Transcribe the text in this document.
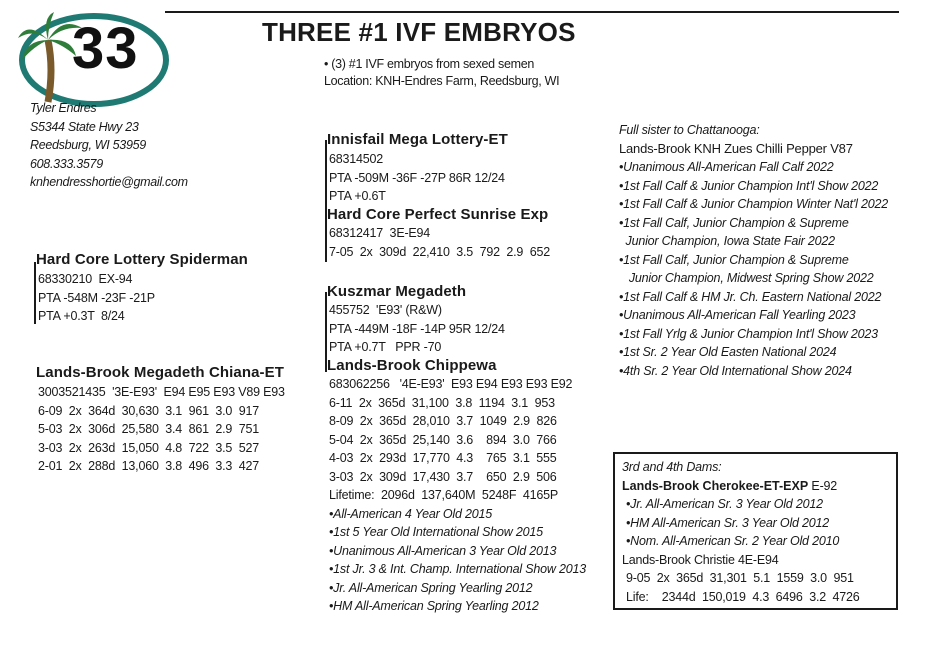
33	THREE #1 IVF EMBRYOS
• (3) #1 IVF embryos from sexed semen
Location: KNH-Endres Farm, Reedsburg, WI
Tyler Endres
S5344 State Hwy 23
Reedsburg, WI 53959
608.333.3579
knhendresshortie@gmail.com
Hard Core Lottery Spiderman
68330210  EX-94
PTA -548M -23F -21P
PTA +0.3T  8/24
Lands-Brook Megadeth Chiana-ET
3003521435  '3E-E93'  E94 E95 E93 V89 E93
6-09  2x  364d  30,630  3.1  961  3.0  917
5-03  2x  306d  25,580  3.4  861  2.9  751
3-03  2x  263d  15,050  4.8  722  3.5  527
2-01  2x  288d  13,060  3.8  496  3.3  427
Innisfail Mega Lottery-ET
68314502
PTA -509M -36F -27P 86R 12/24
PTA +0.6T
Hard Core Perfect Sunrise Exp
68312417  3E-E94
7-05  2x  309d  22,410  3.5  792  2.9  652
Kuszmar Megadeth
455752  'E93' (R&W)
PTA -449M -18F -14P 95R 12/24
PTA +0.7T   PPR -70
Lands-Brook Chippewa
683062256   '4E-E93'  E93 E94 E93 E93 E92
6-11  2x  365d  31,100  3.8  1194  3.1  953
8-09  2x  365d  28,010  3.7  1049  2.9  826
5-04  2x  365d  25,140  3.6    894  3.0  766
4-03  2x  293d  17,770  4.3    765  3.1  555
3-03  2x  309d  17,430  3.7    650  2.9  506
Lifetime:  2096d  137,640M  5248F  4165P
•All-American 4 Year Old 2015
•1st 5 Year Old International Show 2015
•Unanimous All-American 3 Year Old 2013
•1st Jr. 3 & Int. Champ. International Show 2013
•Jr. All-American Spring Yearling 2012
•HM All-American Spring Yearling 2012
Full sister to Chattanooga:
Lands-Brook KNH Zues Chilli Pepper V87
•Unanimous All-American Fall Calf 2022
•1st Fall Calf & Junior Champion Int'l Show 2022
•1st Fall Calf & Junior Champion Winter Nat'l 2022
•1st Fall Calf, Junior Champion & Supreme
Junior Champion, Iowa State Fair 2022
•1st Fall Calf, Junior Champion & Supreme
Junior Champion, Midwest Spring Show 2022
•1st Fall Calf & HM Jr. Ch. Eastern National 2022
•Unanimous All-American Fall Yearling 2023
•1st Fall Yrlg & Junior Champion Int'l Show 2023
•1st Sr. 2 Year Old Easten National 2024
•4th Sr. 2 Year Old International Show 2024
3rd and 4th Dams:
Lands-Brook Cherokee-ET-EXP E-92
•Jr. All-American Sr. 3 Year Old 2012
•HM All-American Sr. 3 Year Old 2012
•Nom. All-American Sr. 2 Year Old 2010
Lands-Brook Christie 4E-E94
9-05  2x  365d  31,301  5.1  1559  3.0  951
Life:    2344d  150,019  4.3  6496  3.2  4726
